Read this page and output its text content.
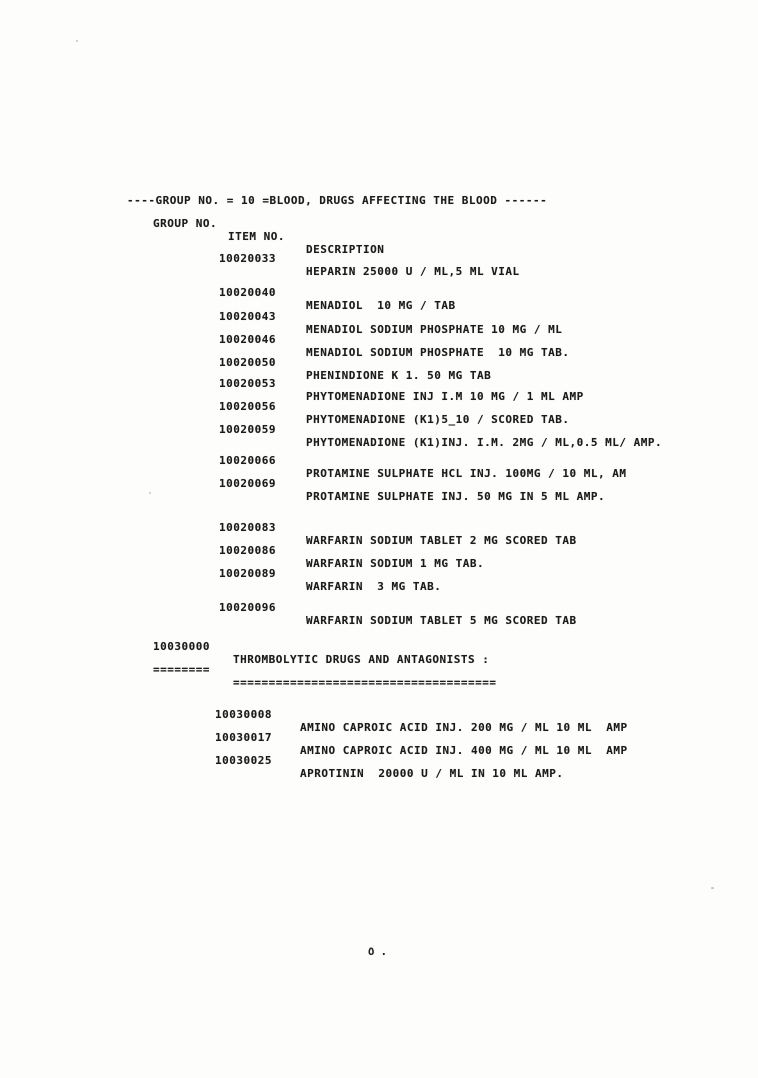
----GROUP NO. = 10 =BLOOD, DRUGS AFFECTING THE BLOOD ------

GROUP NO.

ITEM NO.

DESCRIPTION

10020033

HEPARIN 25000 U / ML,5 ML VIAL

10020040

MENADIOL  10 MG / TAB

10020043

MENADIOL SODIUM PHOSPHATE 10 MG / ML

10020046

MENADIOL SODIUM PHOSPHATE  10 MG TAB.

10020050

PHENINDIONE K 1. 50 MG TAB

10020053

PHYTOMENADIONE INJ I.M 10 MG / 1 ML AMP

10020056

PHYTOMENADIONE (K1)5_10 / SCORED TAB.

10020059

PHYTOMENADIONE (K1)INJ. I.M. 2MG / ML,0.5 ML/ AMP.

10020066

PROTAMINE SULPHATE HCL INJ. 100MG / 10 ML, AM

10020069

PROTAMINE SULPHATE INJ. 50 MG IN 5 ML AMP.

10020083

WARFARIN SODIUM TABLET 2 MG SCORED TAB

10020086

WARFARIN SODIUM 1 MG TAB.

10020089

WARFARIN  3 MG TAB.

10020096

WARFARIN SODIUM TABLET 5 MG SCORED TAB

10030000

THROMBOLYTIC DRUGS AND ANTAGONISTS :

========

=====================================

10030008

AMINO CAPROIC ACID INJ. 200 MG / ML 10 ML  AMP

10030017

AMINO CAPROIC ACID INJ. 400 MG / ML 10 ML  AMP

10030025

APROTININ  20000 U / ML IN 10 ML AMP.

٥ .
